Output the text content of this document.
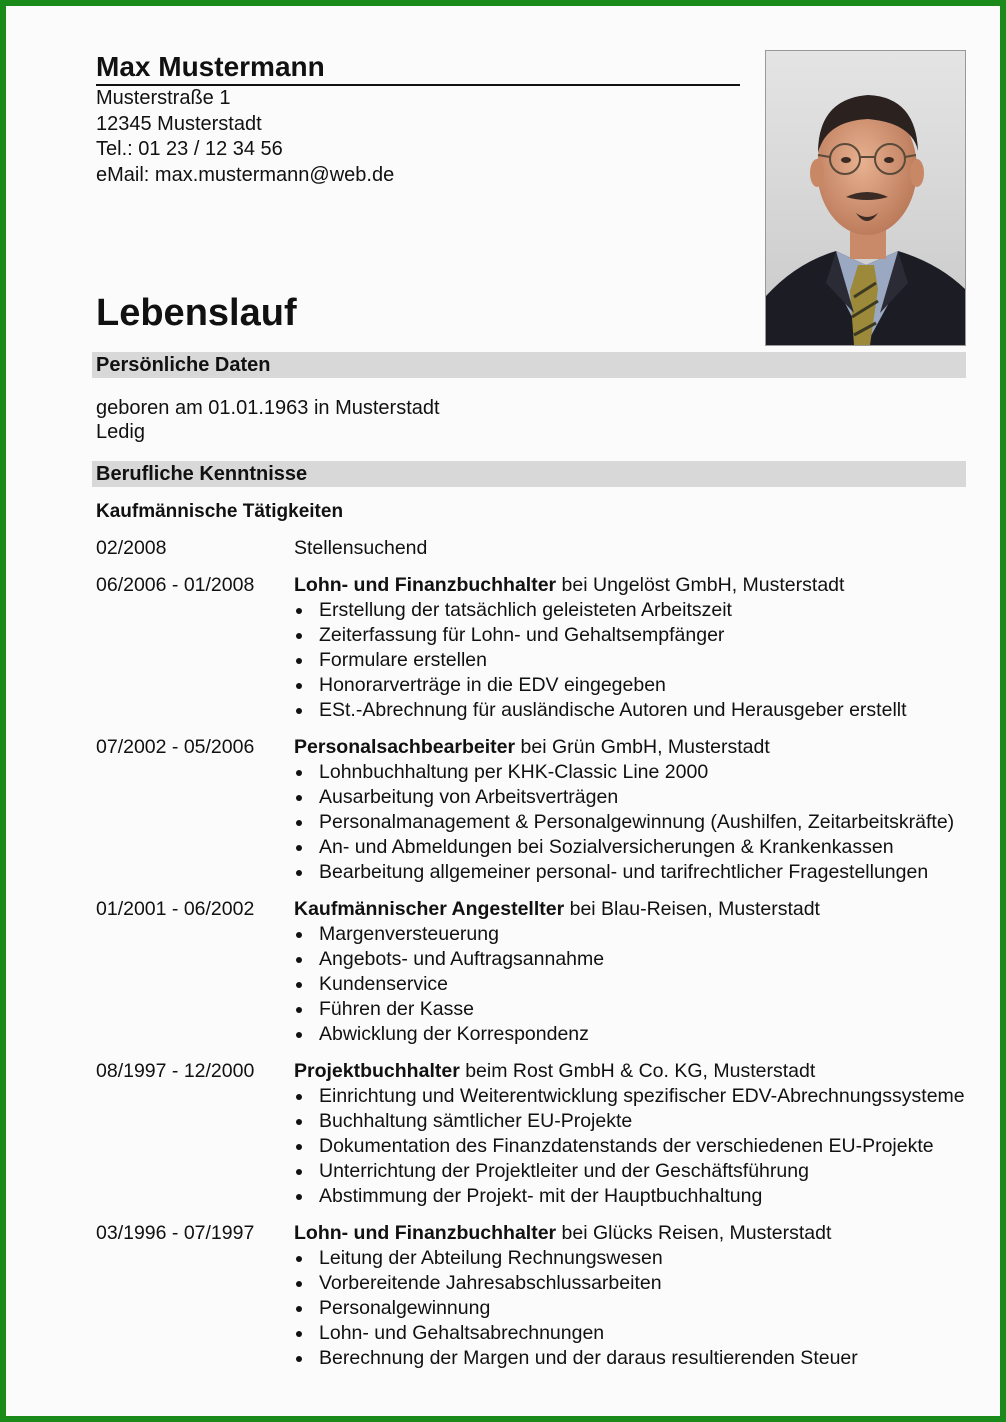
Max Mustermann
Musterstraße 1
12345 Musterstadt
Tel.: 01 23 / 12 34 56
eMail: max.mustermann@web.de
Lebenslauf
Persönliche Daten
geboren am 01.01.1963 in Musterstadt
Ledig
Berufliche Kenntnisse
Kaufmännische Tätigkeiten
02/2008	Stellensuchend
06/2006 - 01/2008	Lohn- und Finanzbuchhalter bei Ungelöst GmbH, Musterstadt
Erstellung der tatsächlich geleisteten Arbeitszeit
Zeiterfassung für Lohn- und Gehaltsempfänger
Formulare erstellen
Honorarverträge in die EDV eingegeben
ESt.-Abrechnung für ausländische Autoren und Herausgeber erstellt
07/2002 - 05/2006	Personalsachbearbeiter bei Grün GmbH, Musterstadt
Lohnbuchhaltung per KHK-Classic Line 2000
Ausarbeitung von Arbeitsverträgen
Personalmanagement & Personalgewinnung (Aushilfen, Zeitarbeitskräfte)
An- und Abmeldungen bei Sozialversicherungen & Krankenkassen
Bearbeitung allgemeiner personal- und tarifrechtlicher Fragestellungen
01/2001 - 06/2002	Kaufmännischer Angestellter bei Blau-Reisen, Musterstadt
Margenversteuerung
Angebots- und Auftragsannahme
Kundenservice
Führen der Kasse
Abwicklung der Korrespondenz
08/1997 - 12/2000	Projektbuchhalter beim Rost GmbH & Co. KG, Musterstadt
Einrichtung und Weiterentwicklung spezifischer EDV-Abrechnungssysteme
Buchhaltung sämtlicher EU-Projekte
Dokumentation des Finanzdatenstands der verschiedenen EU-Projekte
Unterrichtung der Projektleiter und der Geschäftsführung
Abstimmung der Projekt- mit der Hauptbuchhaltung
03/1996 - 07/1997	Lohn- und Finanzbuchhalter bei Glücks Reisen, Musterstadt
Leitung der Abteilung Rechnungswesen
Vorbereitende Jahresabschlussarbeiten
Personalgewinnung
Lohn- und Gehaltsabrechnungen
Berechnung der Margen und der daraus resultierenden Steuer
